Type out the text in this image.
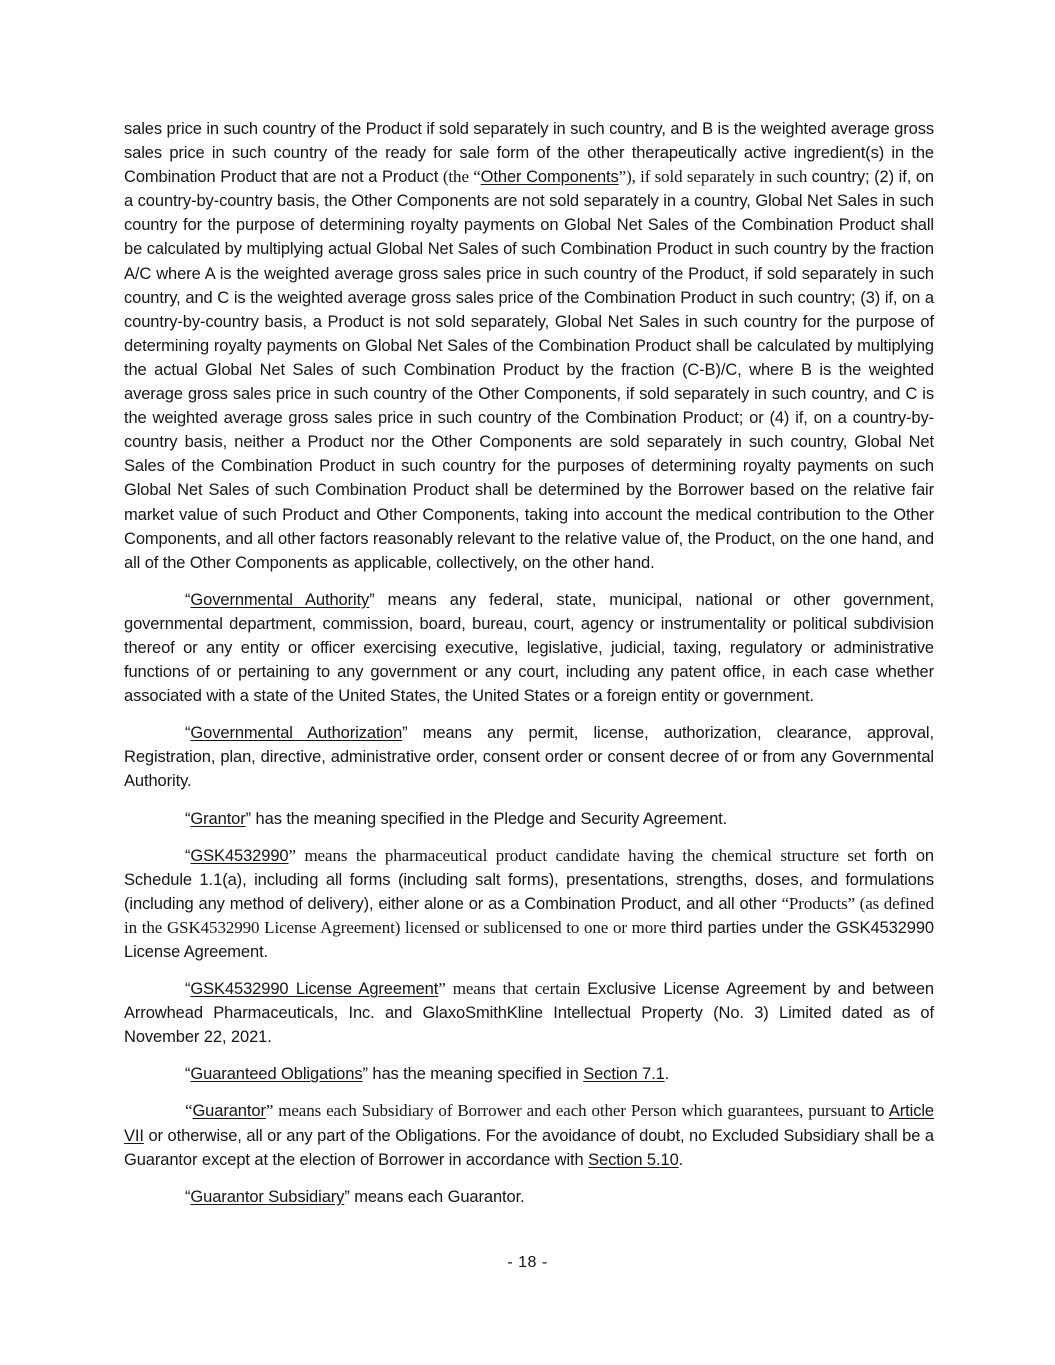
sales price in such country of the Product if sold separately in such country, and B is the weighted average gross sales price in such country of the ready for sale form of the other therapeutically active ingredient(s) in the Combination Product that are not a Product (the “Other Components”), if sold separately in such country; (2) if, on a country-by-country basis, the Other Components are not sold separately in a country, Global Net Sales in such country for the purpose of determining royalty payments on Global Net Sales of the Combination Product shall be calculated by multiplying actual Global Net Sales of such Combination Product in such country by the fraction A/C where A is the weighted average gross sales price in such country of the Product, if sold separately in such country, and C is the weighted average gross sales price of the Combination Product in such country; (3) if, on a country-by-country basis, a Product is not sold separately, Global Net Sales in such country for the purpose of determining royalty payments on Global Net Sales of the Combination Product shall be calculated by multiplying the actual Global Net Sales of such Combination Product by the fraction (C-B)/C, where B is the weighted average gross sales price in such country of the Other Components, if sold separately in such country, and C is the weighted average gross sales price in such country of the Combination Product; or (4) if, on a country-by-country basis, neither a Product nor the Other Components are sold separately in such country, Global Net Sales of the Combination Product in such country for the purposes of determining royalty payments on such Global Net Sales of such Combination Product shall be determined by the Borrower based on the relative fair market value of such Product and Other Components, taking into account the medical contribution to the Other Components, and all other factors reasonably relevant to the relative value of, the Product, on the one hand, and all of the Other Components as applicable, collectively, on the other hand.

“Governmental Authority” means any federal, state, municipal, national or other government, governmental department, commission, board, bureau, court, agency or instrumentality or political subdivision thereof or any entity or officer exercising executive, legislative, judicial, taxing, regulatory or administrative functions of or pertaining to any government or any court, including any patent office, in each case whether associated with a state of the United States, the United States or a foreign entity or government.

“Governmental Authorization” means any permit, license, authorization, clearance, approval, Registration, plan, directive, administrative order, consent order or consent decree of or from any Governmental Authority.

“Grantor” has the meaning specified in the Pledge and Security Agreement.

“GSK4532990” means the pharmaceutical product candidate having the chemical structure set forth on Schedule 1.1(a), including all forms (including salt forms), presentations, strengths, doses, and formulations (including any method of delivery), either alone or as a Combination Product, and all other “Products” (as defined in the GSK4532990 License Agreement) licensed or sublicensed to one or more third parties under the GSK4532990 License Agreement.

“GSK4532990 License Agreement” means that certain Exclusive License Agreement by and between Arrowhead Pharmaceuticals, Inc. and GlaxoSmithKline Intellectual Property (No. 3) Limited dated as of November 22, 2021.

“Guaranteed Obligations” has the meaning specified in Section 7.1.

“Guarantor” means each Subsidiary of Borrower and each other Person which guarantees, pursuant to Article VII or otherwise, all or any part of the Obligations. For the avoidance of doubt, no Excluded Subsidiary shall be a Guarantor except at the election of Borrower in accordance with Section 5.10.

“Guarantor Subsidiary” means each Guarantor.

- 18 -
